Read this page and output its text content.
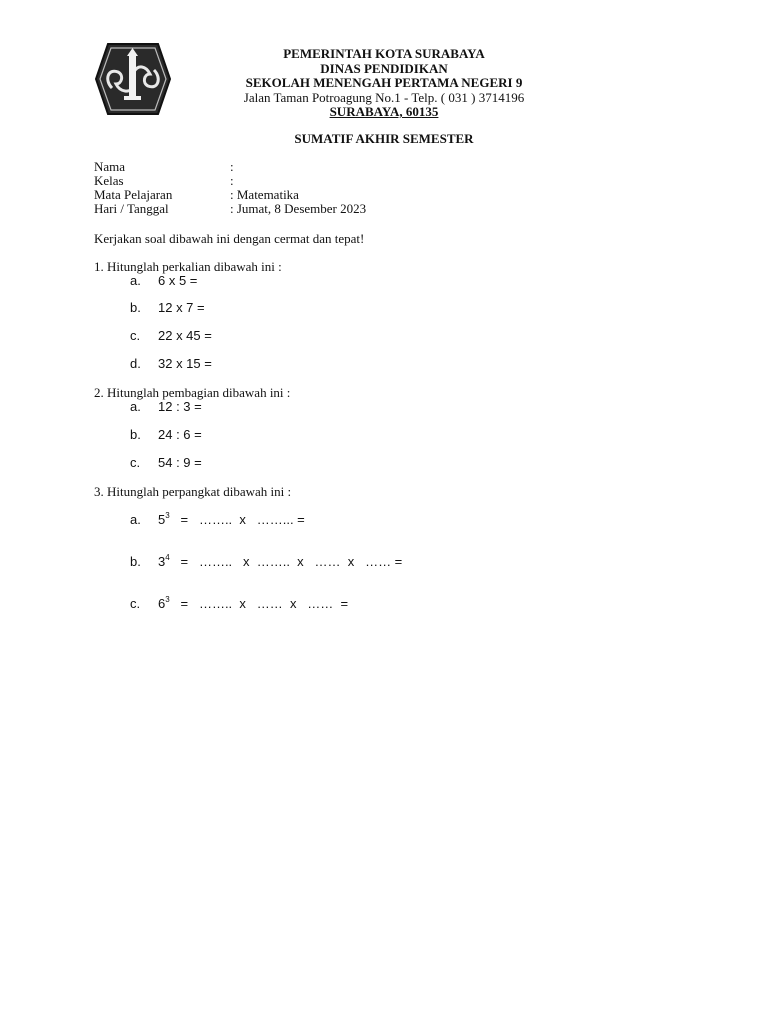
PEMERINTAH KOTA SURABAYA
DINAS PENDIDIKAN
SEKOLAH MENENGAH PERTAMA NEGERI 9
Jalan Taman Potroagung No.1 - Telp. ( 031 ) 3714196
SURABAYA, 60135
SUMATIF AKHIR SEMESTER
Nama	:
Kelas	:
Mata Pelajaran	: Matematika
Hari / Tanggal	: Jumat, 8 Desember 2023
Kerjakan soal dibawah ini dengan cermat dan tepat!
1. Hitunglah perkalian dibawah ini :
a. 6 x 5 =
b. 12 x 7 =
c. 22 x 45 =
d. 32 x 15 =
2. Hitunglah pembagian dibawah ini :
a. 12 : 3 =
b. 24 : 6 =
c. 54 : 9 =
3. Hitunglah perpangkat dibawah ini :
a. $5^3$   =   ……..  x   ……... =
b. $3^4$   =   ……..   x  ……..  x   ……  x   …… =
c. $6^3$   =   ……..  x   ……  x   ……  =
